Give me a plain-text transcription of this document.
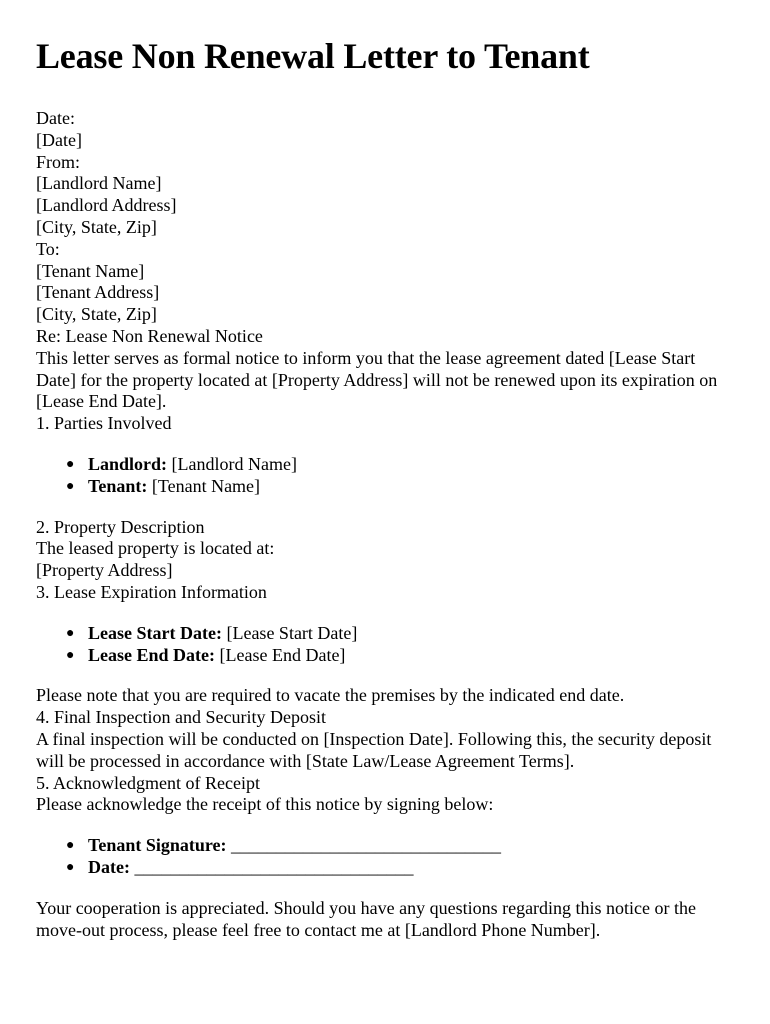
Lease Non Renewal Letter to Tenant

Date:

[Date]

From:

[Landlord Name]

[Landlord Address]

[City, State, Zip]

To:

[Tenant Name]

[Tenant Address]

[City, State, Zip]

Re: Lease Non Renewal Notice

This letter serves as formal notice to inform you that the lease agreement dated [Lease Start Date] for the property located at [Property Address] will not be renewed upon its expiration on [Lease End Date].

1. Parties Involved

● Landlord: [Landlord Name]
● Tenant: [Tenant Name]

2. Property Description

The leased property is located at:

[Property Address]

3. Lease Expiration Information

● Lease Start Date: [Lease Start Date]
● Lease End Date: [Lease End Date]

Please note that you are required to vacate the premises by the indicated end date.

4. Final Inspection and Security Deposit

A final inspection will be conducted on [Inspection Date]. Following this, the security deposit will be processed in accordance with [State Law/Lease Agreement Terms].

5. Acknowledgment of Receipt

Please acknowledge the receipt of this notice by signing below:

● Tenant Signature: ______________________________
● Date: _______________________________

Your cooperation is appreciated. Should you have any questions regarding this notice or the move-out process, please feel free to contact me at [Landlord Phone Number].
